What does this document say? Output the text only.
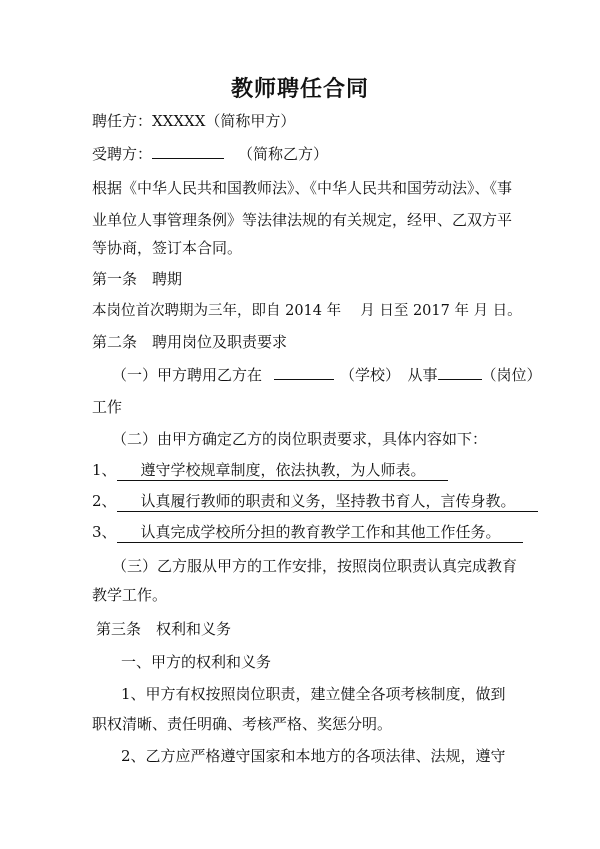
教师聘任合同
聘任方：XXXXX（简称甲方）
受聘方：	（简称乙方）
根据《中华人民共和国教师法》、《中华人民共和国劳动法》、《事
业单位人事管理条例》等法律法规的有关规定，经甲、乙双方平
等协商，签订本合同。
第一条　聘期
本岗位首次聘期为三年，即自 2014 年　 月 日至 2017 年 月 日。
第二条　聘用岗位及职责要求
（一）甲方聘用乙方在	（学校）　从事	（岗位）
工作
（二）由甲方确定乙方的岗位职责要求，具体内容如下：
1、 遵守学校规章制度，依法执教，为人师表。
2、 认真履行教师的职责和义务，坚持教书育人，言传身教。
3、 认真完成学校所分担的教育教学工作和其他工作任务。
（三）乙方服从甲方的工作安排，按照岗位职责认真完成教育
教学工作。
第三条　权利和义务
一、甲方的权利和义务
1、甲方有权按照岗位职责，建立健全各项考核制度，做到
职权清晰、责任明确、考核严格、奖惩分明。
2、乙方应严格遵守国家和本地方的各项法律、法规，遵守
